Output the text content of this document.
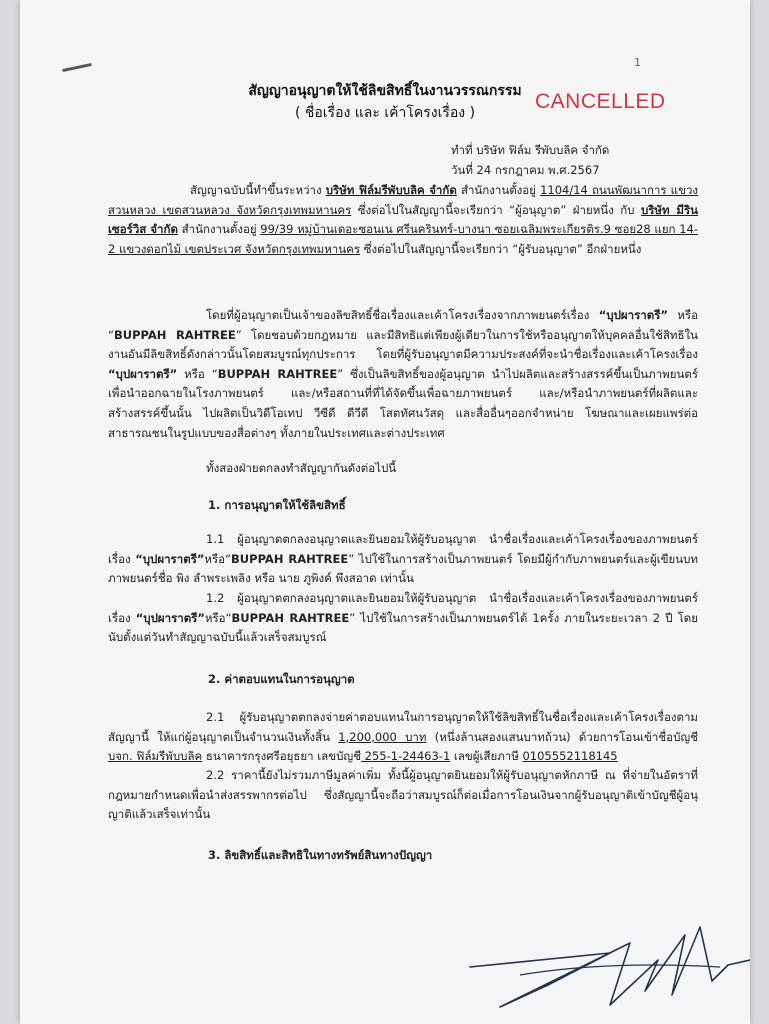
1
สัญญาอนุญาตให้ใช้ลิขสิทธิ์ในงานวรรณกรรม
( ชื่อเรื่อง และ เค้าโครงเรื่อง )	CANCELLED
ทำที่ บริษัท ฟิล์ม รีพับบลิค จำกัด
วันที่ 24 กรกฎาคม พ.ศ.2567
สัญญาฉบับนี้ทำขึ้นระหว่าง บริษัท ฟิล์มรีพับบลิค จำกัด สำนักงานตั้งอยู่ 1104/14 ถนนพัฒนาการ แขวงสวนหลวง เขตสวนหลวง จังหวัดกรุงเทพมหานคร ซึ่งต่อไปในสัญญานี้จะเรียกว่า “ผู้อนุญาต” ฝ่ายหนึ่ง กับ บริษัท มีริน เซอร์วิส จำกัด สำนักงานตั้งอยู่ 99/39 หมู่บ้านเดอะซอนเน ศรีนครินทร์-บางนา ซอยเฉลิมพระเกียรติร.9 ซอย28 แยก 14-2 แขวงดอกไม้ เขตประเวศ จังหวัดกรุงเทพมหานคร ซึ่งต่อไปในสัญญานี้จะเรียกว่า “ผู้รับอนุญาต” อีกฝ่ายหนึ่ง
โดยที่ผู้อนุญาตเป็นเจ้าของลิขสิทธิ์ชื่อเรื่องและเค้าโครงเรื่องจากภาพยนตร์เรื่อง “บุปผาราตรี” หรือ “BUPPAH RAHTREE” โดยชอบด้วยกฎหมาย และมีสิทธิแต่เพียงผู้เดียวในการใช้หรืออนุญาตให้บุคคลอื่นใช้สิทธิในงานอันมีลิขสิทธิ์ดังกล่าวนั้นโดยสมบูรณ์ทุกประการ โดยที่ผู้รับอนุญาตมีความประสงค์ที่จะนำชื่อเรื่องและเค้าโครงเรื่อง “บุปผาราตรี” หรือ “BUPPAH RAHTREE” ซึ่งเป็นลิขสิทธิ์ของผู้อนุญาต นำไปผลิตและสร้างสรรค์ขึ้นเป็นภาพยนตร์ เพื่อนำออกฉายในโรงภาพยนตร์ และ/หรือสถานที่ที่ได้จัดขึ้นเพื่อฉายภาพยนตร์ และ/หรือนำภาพยนตร์ที่ผลิตและสร้างสรรค์ขึ้นนั้น ไปผลิตเป็นวิดีโอเทป วีซีดี ดีวีดี โสตทัศนวัสดุ และสื่ออื่นๆออกจำหน่าย โฆษณาและเผยแพร่ต่อสาธารณชนในรูปแบบของสื่อต่างๆ ทั้งภายในประเทศและต่างประเทศ
ทั้งสองฝ่ายตกลงทำสัญญากันดังต่อไปนี้
1. การอนุญาตให้ใช้ลิขสิทธิ์
1.1 ผู้อนุญาตตกลงอนุญาตและยินยอมให้ผู้รับอนุญาต นำชื่อเรื่องและเค้าโครงเรื่องของภาพยนตร์เรื่อง “บุปผาราตรี”หรือ“BUPPAH RAHTREE” ไปใช้ในการสร้างเป็นภาพยนตร์ โดยมีผู้กำกับภาพยนตร์และผู้เขียนบทภาพยนตร์ชื่อ พิง ลำพระเพลิง หรือ นาย ภูพิงค์ พึงสอาด เท่านั้น
1.2 ผู้อนุญาตตกลงอนุญาตและยินยอมให้ผู้รับอนุญาต นำชื่อเรื่องและเค้าโครงเรื่องของภาพยนตร์เรื่อง “บุปผาราตรี”หรือ“BUPPAH RAHTREE” ไปใช้ในการสร้างเป็นภาพยนตร์ได้ 1ครั้ง ภายในระยะเวลา 2 ปี โดยนับตั้งแต่วันทำสัญญาฉบับนี้แล้วเสร็จสมบูรณ์
2. ค่าตอบแทนในการอนุญาต
2.1 ผู้รับอนุญาตตกลงจ่ายค่าตอบแทนในการอนุญาตให้ใช้ลิขสิทธิ์ในชื่อเรื่องและเค้าโครงเรื่องตามสัญญานี้ ให้แก่ผู้อนุญาตเป็นจำนวนเงินทั้งสิ้น 1,200,000 บาท (หนึ่งล้านสองแสนบาทถ้วน) ด้วยการโอนเข้าชื่อบัญชี บจก. ฟิล์มรีพับบลิค ธนาคารกรุงศรีอยุธยา เลขบัญชี 255-1-24463-1 เลขผู้เสียภาษี 0105552118145
2.2 ราคานี้ยังไม่รวมภาษีมูลค่าเพิ่ม ทั้งนี้ผู้อนุญาตยินยอมให้ผู้รับอนุญาตหักภาษี ณ ที่จ่ายในอัตราที่กฎหมายกำหนดเพื่อนำส่งสรรพากรต่อไป ซึ่งสัญญานี้จะถือว่าสมบูรณ์ก็ต่อเมื่อการโอนเงินจากผู้รับอนุญาติเข้าบัญชีผู้อนุญาติแล้วเสร็จเท่านั้น
3. ลิขสิทธิ์และสิทธิในทางทรัพย์สินทางปัญญา
